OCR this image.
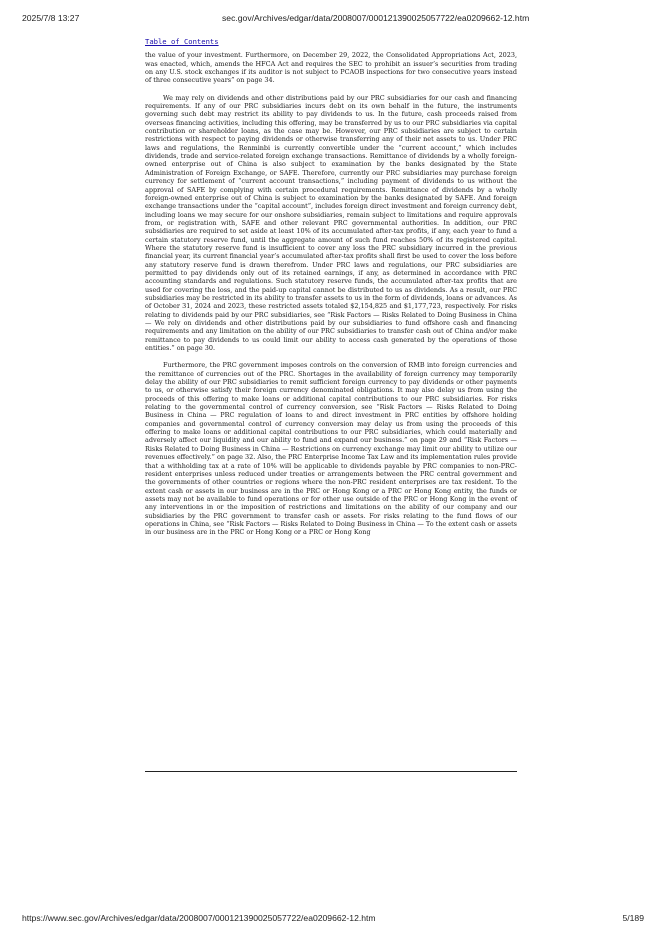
2025/7/8 13:27	sec.gov/Archives/edgar/data/2008007/000121390025057722/ea0209662-12.htm
Table of Contents

the value of your investment. Furthermore, on December 29, 2022, the Consolidated Appropriations Act, 2023, was enacted, which, amends the HFCA Act and requires the SEC to prohibit an issuer’s securities from trading on any U.S. stock exchanges if its auditor is not subject to PCAOB inspections for two consecutive years instead of three consecutive years” on page 34.

We may rely on dividends and other distributions paid by our PRC subsidiaries for our cash and financing requirements. If any of our PRC subsidiaries incurs debt on its own behalf in the future, the instruments governing such debt may restrict its ability to pay dividends to us. In the future, cash proceeds raised from overseas financing activities, including this offering, may be transferred by us to our PRC subsidiaries via capital contribution or shareholder loans, as the case may be. However, our PRC subsidiaries are subject to certain restrictions with respect to paying dividends or otherwise transferring any of their net assets to us. Under PRC laws and regulations, the Renminbi is currently convertible under the “current account,” which includes dividends, trade and service-related foreign exchange transactions. Remittance of dividends by a wholly foreign-owned enterprise out of China is also subject to examination by the banks designated by the State Administration of Foreign Exchange, or SAFE. Therefore, currently our PRC subsidiaries may purchase foreign currency for settlement of “current account transactions,” including payment of dividends to us without the approval of SAFE by complying with certain procedural requirements. Remittance of dividends by a wholly foreign-owned enterprise out of China is subject to examination by the banks designated by SAFE. And foreign exchange transactions under the “capital account”, includes foreign direct investment and foreign currency debt, including loans we may secure for our onshore subsidiaries, remain subject to limitations and require approvals from, or registration with, SAFE and other relevant PRC governmental authorities. In addition, our PRC subsidiaries are required to set aside at least 10% of its accumulated after-tax profits, if any, each year to fund a certain statutory reserve fund, until the aggregate amount of such fund reaches 50% of its registered capital. Where the statutory reserve fund is insufficient to cover any loss the PRC subsidiary incurred in the previous financial year, its current financial year’s accumulated after-tax profits shall first be used to cover the loss before any statutory reserve fund is drawn therefrom. Under PRC laws and regulations, our PRC subsidiaries are permitted to pay dividends only out of its retained earnings, if any, as determined in accordance with PRC accounting standards and regulations. Such statutory reserve funds, the accumulated after-tax profits that are used for covering the loss, and the paid-up capital cannot be distributed to us as dividends. As a result, our PRC subsidiaries may be restricted in its ability to transfer assets to us in the form of dividends, loans or advances. As of October 31, 2024 and 2023, these restricted assets totaled $2,154,825 and $1,177,723, respectively. For risks relating to dividends paid by our PRC subsidiaries, see “Risk Factors — Risks Related to Doing Business in China — We rely on dividends and other distributions paid by our subsidiaries to fund offshore cash and financing requirements and any limitation on the ability of our PRC subsidiaries to transfer cash out of China and/or make remittance to pay dividends to us could limit our ability to access cash generated by the operations of those entities.” on page 30.

Furthermore, the PRC government imposes controls on the conversion of RMB into foreign currencies and the remittance of currencies out of the PRC. Shortages in the availability of foreign currency may temporarily delay the ability of our PRC subsidiaries to remit sufficient foreign currency to pay dividends or other payments to us, or otherwise satisfy their foreign currency denominated obligations. It may also delay us from using the proceeds of this offering to make loans or additional capital contributions to our PRC subsidiaries. For risks relating to the governmental control of currency conversion, see “Risk Factors — Risks Related to Doing Business in China — PRC regulation of loans to and direct investment in PRC entities by offshore holding companies and governmental control of currency conversion may delay us from using the proceeds of this offering to make loans or additional capital contributions to our PRC subsidiaries, which could materially and adversely affect our liquidity and our ability to fund and expand our business.” on page 29 and “Risk Factors — Risks Related to Doing Business in China — Restrictions on currency exchange may limit our ability to utilize our revenues effectively.” on page 32. Also, the PRC Enterprise Income Tax Law and its implementation rules provide that a withholding tax at a rate of 10% will be applicable to dividends payable by PRC companies to non-PRC-resident enterprises unless reduced under treaties or arrangements between the PRC central government and the governments of other countries or regions where the non-PRC resident enterprises are tax resident. To the extent cash or assets in our business are in the PRC or Hong Kong or a PRC or Hong Kong entity, the funds or assets may not be available to fund operations or for other use outside of the PRC or Hong Kong in the event of any interventions in or the imposition of restrictions and limitations on the ability of our company and our subsidiaries by the PRC government to transfer cash or assets. For risks relating to the fund flows of our operations in China, see “Risk Factors — Risks Related to Doing Business in China — To the extent cash or assets in our business are in the PRC or Hong Kong or a PRC or Hong Kong

https://www.sec.gov/Archives/edgar/data/2008007/000121390025057722/ea0209662-12.htm	5/189
